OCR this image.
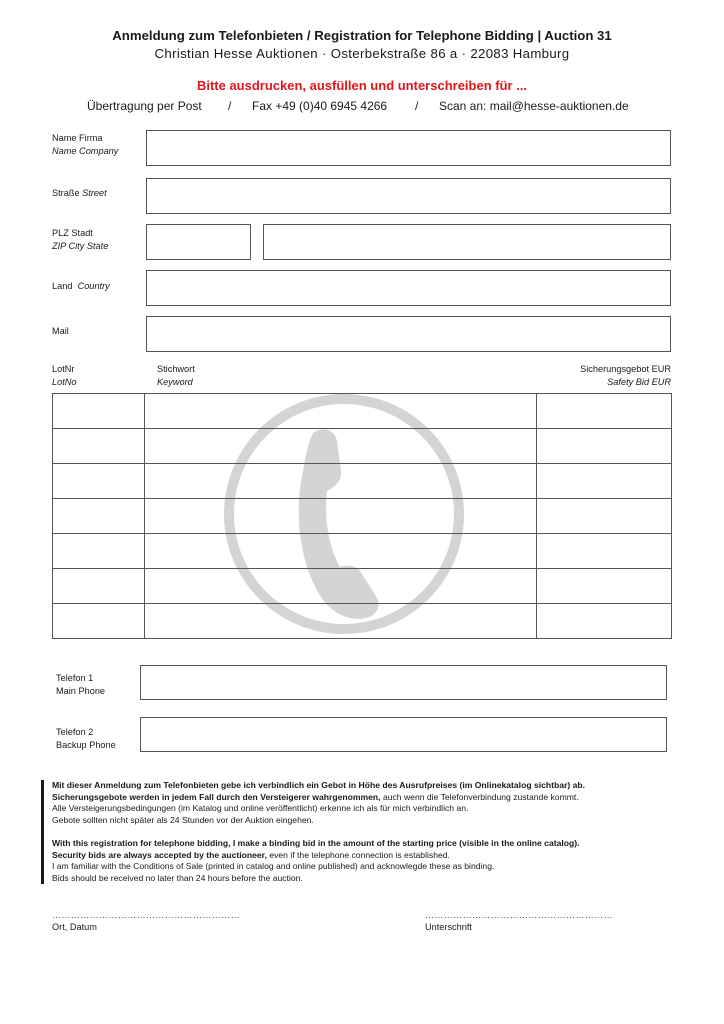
Anmeldung zum Telefonbieten / Registration for Telephone Bidding | Auction 31
Christian Hesse Auktionen · Osterbekstraße 86 a · 22083 Hamburg
Bitte ausdrucken, ausfüllen und unterschreiben für ...
Übertragung per Post / Fax +49 (0)40 6945 4266 / Scan an: mail@hesse-auktionen.de
Name Firma
Name Company
Straße Street
PLZ Stadt
ZIP City State
Land Country
Mail
LotNr
LotNo
Stichwort
Keyword
Sicherungsgebot EUR
Safety Bid EUR

Telefon 1
Main Phone
Telefon 2
Backup Phone
Mit dieser Anmeldung zum Telefonbieten gebe ich verbindlich ein Gebot in Höhe des Ausrufpreises (im Onlinekatalog sichtbar) ab.
Sicherungsgebote werden in jedem Fall durch den Versteigerer wahrgenommen, auch wenn die Telefonverbindung zustande kommt.
Alle Versteigerungsbedingungen (im Katalog und online veröffentlicht) erkenne ich als für mich verbindlich an.
Gebote sollten nicht später als 24 Stunden vor der Auktion eingehen.
With this registration for telephone bidding, I make a binding bid in the amount of the starting price (visible in the online catalog).
Security bids are always accepted by the auctioneer, even if the telephone connection is established.
I am familiar with the Conditions of Sale (printed in catalog and online published) and acknowlegde these as binding.
Bids should be received no later than 24 hours before the auction.
……………………………………………………
Ort, Datum
……………………………………………………
Unterschrift
